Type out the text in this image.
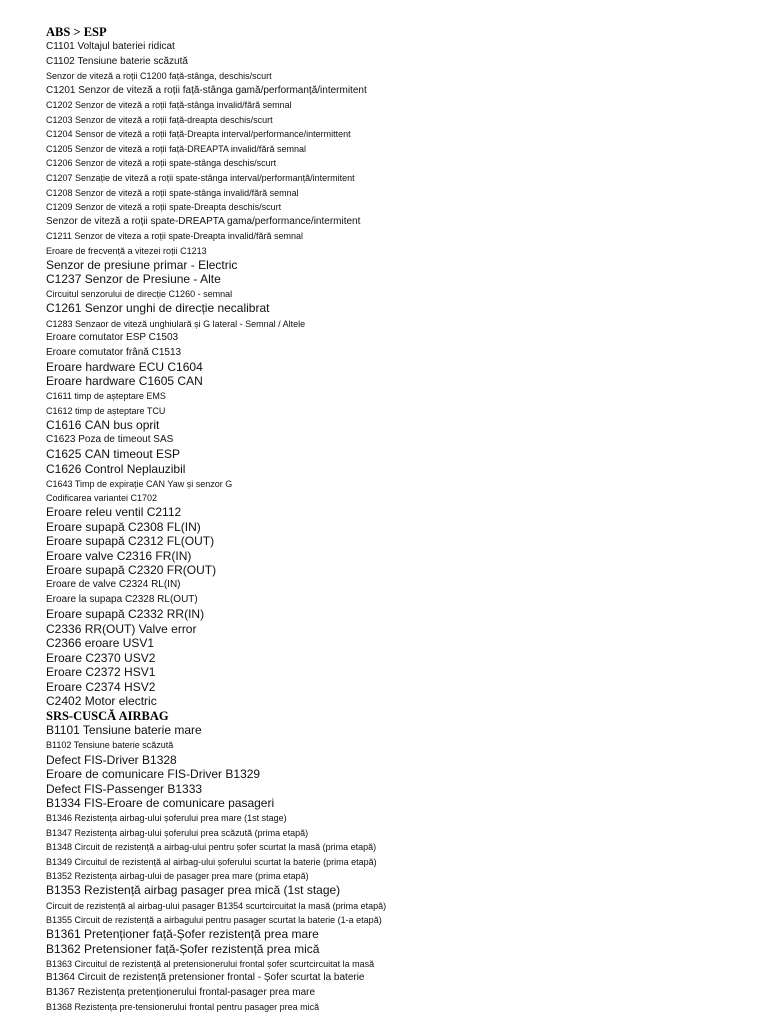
ABS > ESP
C1101 Voltajul bateriei ridicat
C1102 Tensiune baterie scăzută
Senzor de viteză a roții C1200 față-stânga, deschis/scurt
C1201 Senzor de viteză a roții față-stânga gamă/performanță/intermitent
C1202 Senzor de viteză a roții față-stânga invalid/fără semnal
C1203 Senzor de viteză a roții față-dreapta deschis/scurt
C1204 Sensor de viteză a roții față-Dreapta interval/performance/intermittent
C1205 Senzor de viteză a roții față-DREAPTA invalid/fără semnal
C1206 Senzor de viteză a roții spate-stânga deschis/scurt
C1207 Senzație de viteză a roții spate-stânga interval/performanță/intermitent
C1208 Senzor de viteză a roții spate-stânga invalid/fără semnal
C1209 Senzor de viteză a roții spate-Dreapta deschis/scurt
Senzor de viteză a roții spate-DREAPTA gama/performance/intermitent
C1211 Senzor de viteza a roții spate-Dreapta invalid/fără semnal
Eroare de frecvență a vitezei roții C1213
Senzor de presiune primar - Electric
C1237 Senzor de Presiune - Alte
Circuitul senzorului de direcție C1260 - semnal
C1261 Senzor unghi de direcție necalibrat
C1283 Senzaor de viteză unghiulară și G lateral - Semnal / Altele
Eroare comutator ESP C1503
Eroare comutator frână C1513
Eroare hardware ECU C1604
Eroare hardware C1605 CAN
C1611 timp de așteptare EMS
C1612 timp de așteptare TCU
C1616 CAN bus oprit
C1623 Poza de timeout SAS
C1625 CAN timeout ESP
C1626 Control Neplauzibil
C1643 Timp de expirație CAN Yaw și senzor G
Codificarea variantei C1702
Eroare releu ventil C2112
Eroare supapă C2308 FL(IN)
Eroare supapă C2312 FL(OUT)
Eroare valve C2316 FR(IN)
Eroare supapă C2320 FR(OUT)
Eroare de valve C2324 RL(IN)
Eroare la supapa C2328 RL(OUT)
Eroare supapă C2332 RR(IN)
C2336 RR(OUT) Valve error
C2366 eroare USV1
Eroare C2370 USV2
Eroare C2372 HSV1
Eroare C2374 HSV2
C2402 Motor electric
SRS-CUSCĂ AIRBAG
B1101 Tensiune baterie mare
B1102 Tensiune baterie scăzută
Defect FIS-Driver B1328
Eroare de comunicare FIS-Driver B1329
Defect FIS-Passenger B1333
B1334 FIS-Eroare de comunicare pasageri
B1346 Rezistența airbag-ului șoferului prea mare (1st stage)
B1347 Rezistența airbag-ului șoferului prea scăzută (prima etapă)
B1348 Circuit de rezistență a airbag-ului pentru șofer scurtat la masă (prima etapă)
B1349 Circuitul de rezistență al airbag-ului șoferului scurtat la baterie (prima etapă)
B1352 Rezistența airbag-ului de pasager prea mare (prima etapă)
B1353 Rezistență airbag pasager prea mică (1st stage)
Circuit de rezistență al airbag-ului pasager B1354 scurtcircuitat la masă (prima etapă)
B1355 Circuit de rezistență a airbagului pentru pasager scurtat la baterie (1-a etapă)
B1361 Pretenționer față-Șofer rezistență prea mare
B1362 Pretensioner față-Șofer rezistență prea mică
B1363 Circuitul de rezistență al pretensionerului frontal șofer scurtcircuitat la masă
B1364 Circuit de rezistență pretensioner frontal - Șofer scurtat la baterie
B1367 Rezistența pretenționerului frontal-pasager prea mare
B1368 Rezistența pre-tensionerului frontal pentru pasager prea mică
